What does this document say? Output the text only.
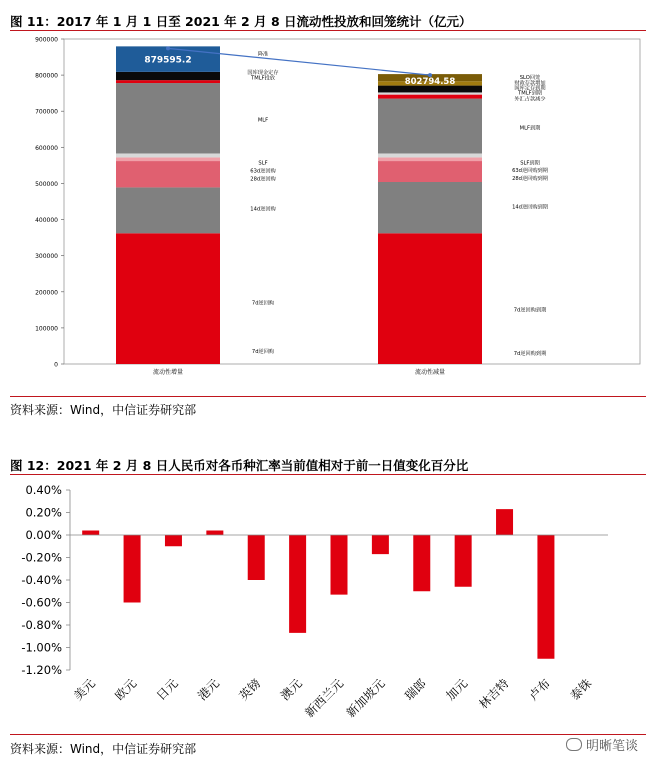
图 11：2017 年 1 月 1 日至 2021 年 2 月 8 日流动性投放和回笼统计（亿元）
0
100000
200000
300000
400000
500000
600000
700000
800000
900000
7d逆回购
7d逆回购
14d逆回购
28d逆回购
63d逆回购
SLF
MLF
TMLF投放
国库现金定存
降准
流动性增量
7d逆回购到期
7d逆回购到期
14d逆回购到期
28d逆回购到期
63d逆回购到期
SLF到期
MLF到期
外汇占款减少
TMLF到期
国库定存到期
财政存款增加
SLO回笼
流动性减量
879595.2
802794.58
资料来源：Wind，中信证券研究部
图 12：2021 年 2 月 8 日人民币对各币种汇率当前值相对于前一日值变化百分比
0.40%
0.20%
0.00%
-0.20%
-0.40%
-0.60%
-0.80%
-1.00%
-1.20%
美元 欧元 日元 港元 英镑 澳元
新西兰元
新加坡元 瑞郎 加元 林吉特 卢布 泰铢
资料来源：Wind，中信证券研究部	明晰笔谈
